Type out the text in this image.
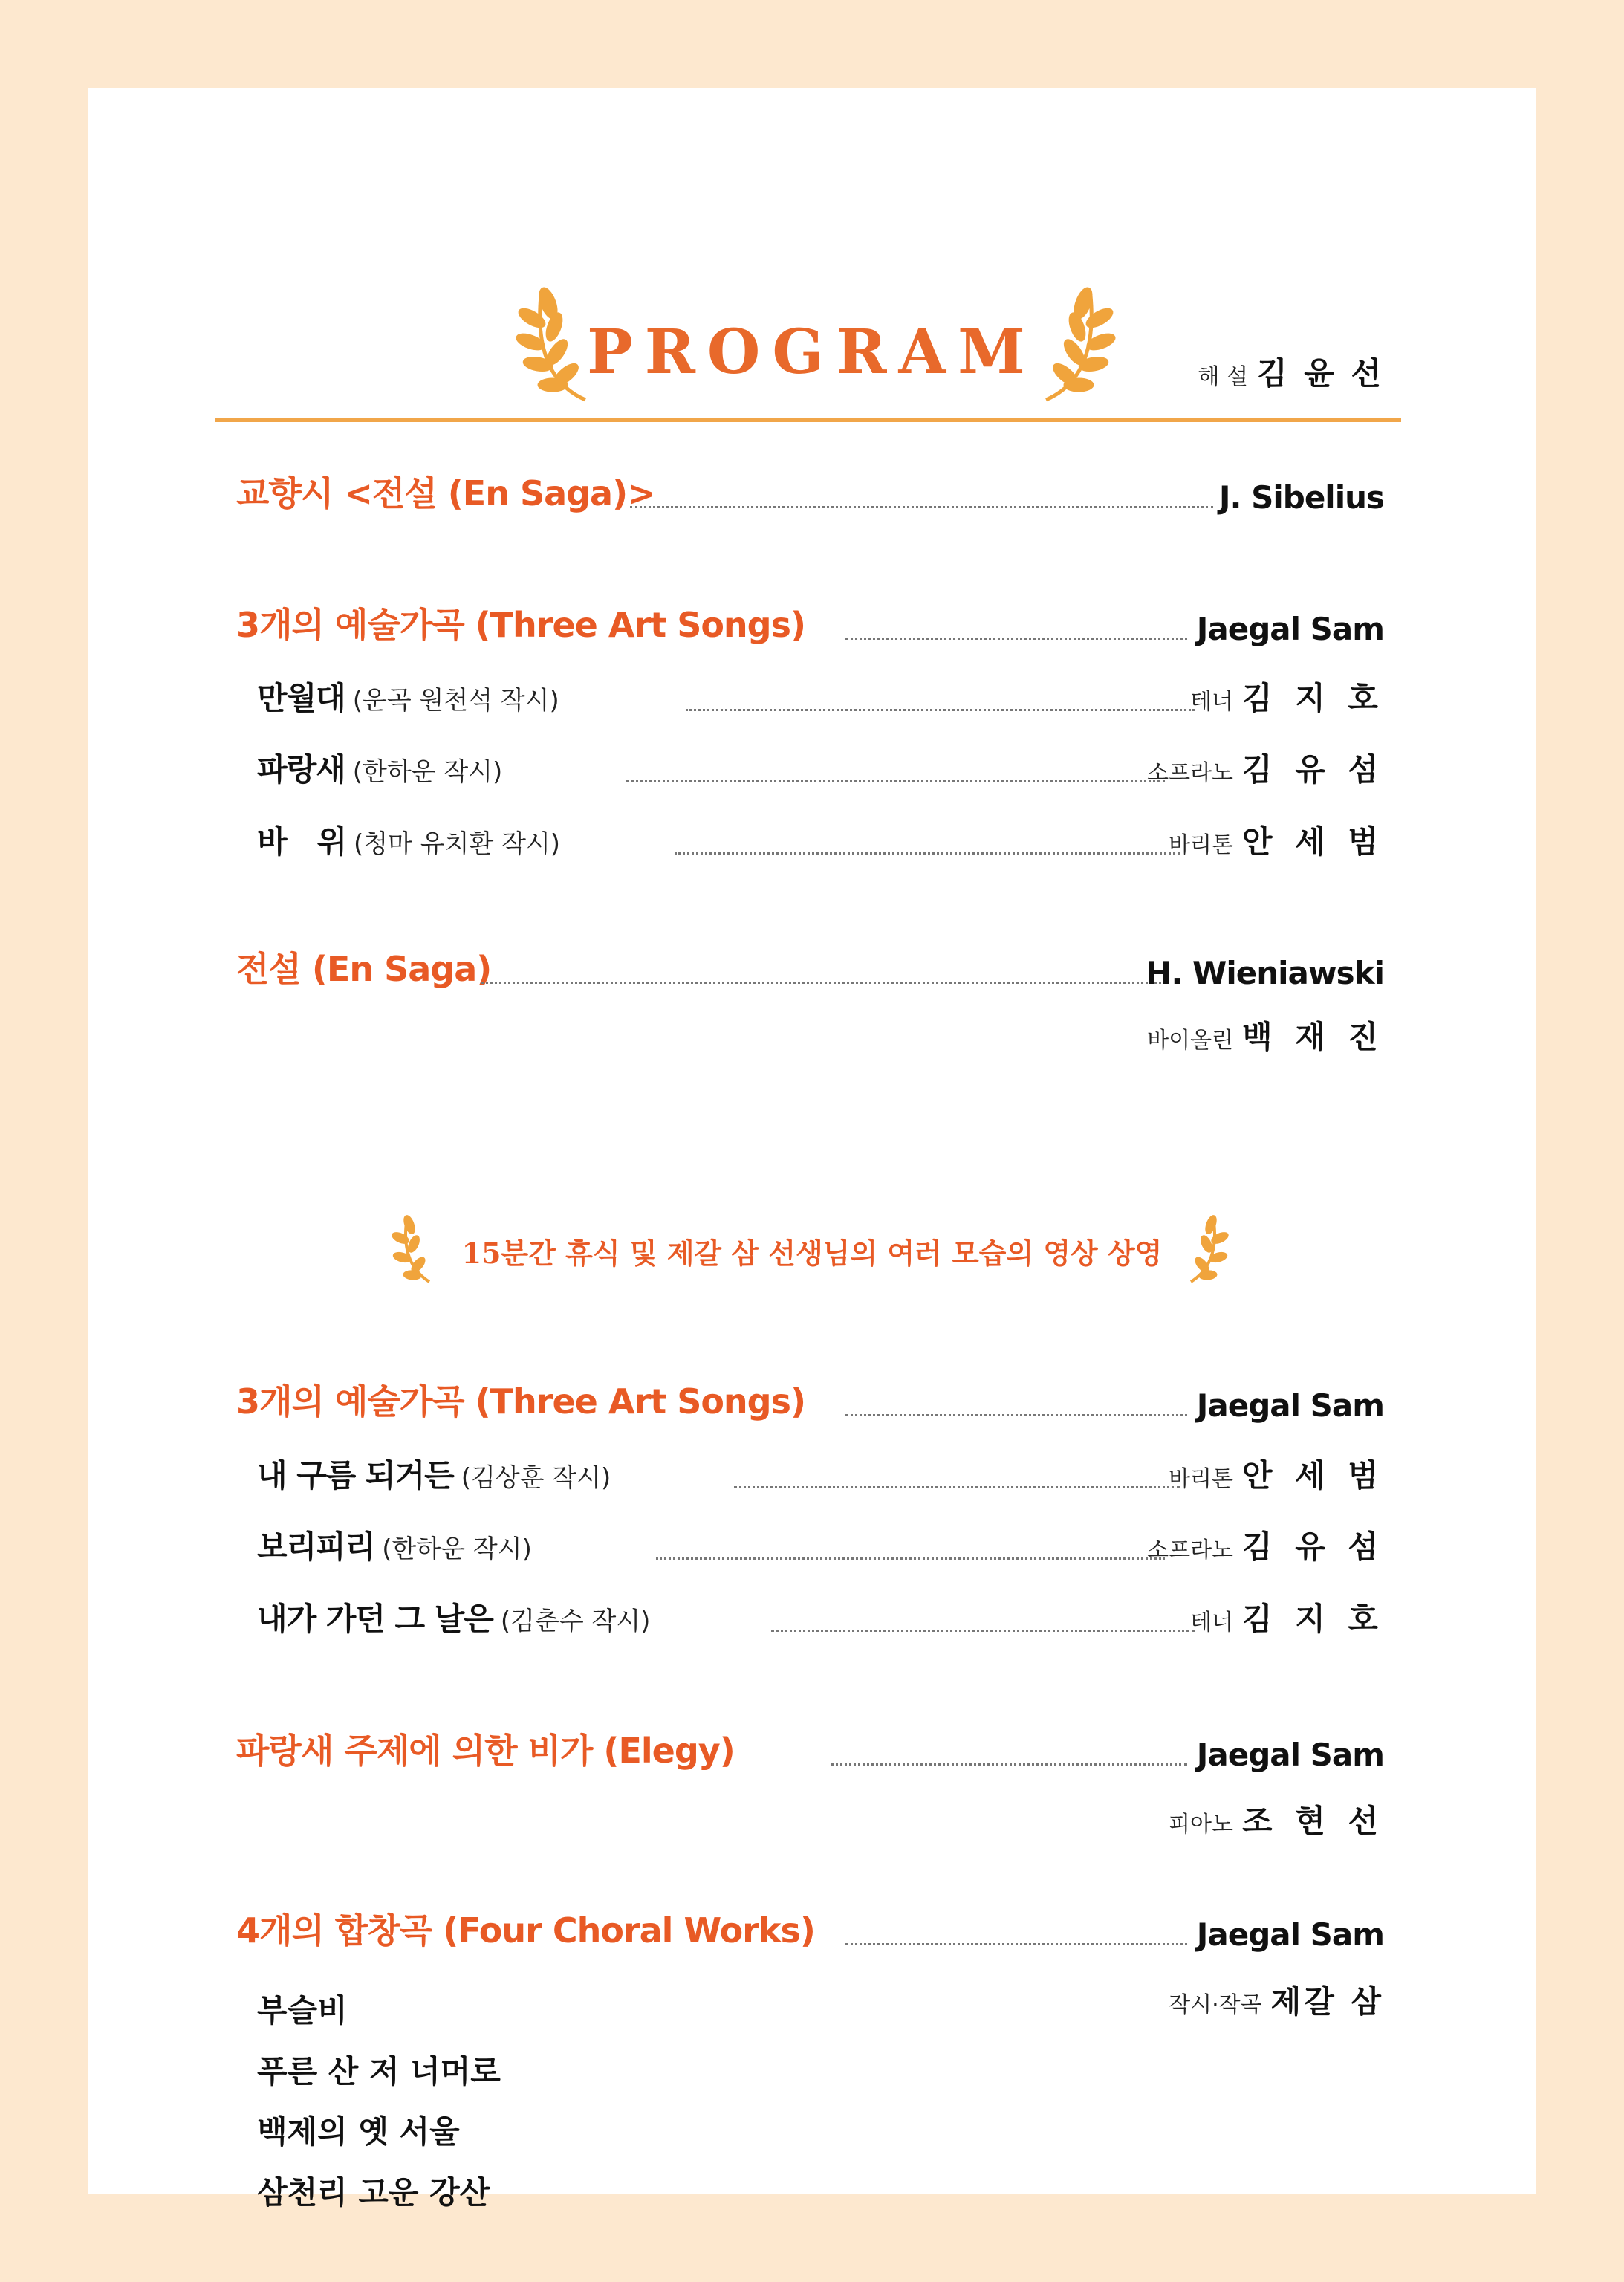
PROGRAM	해 설 김 윤 선
교향시 <전설 (En Saga)>	J. Sibelius
3개의 예술가곡 (Three Art Songs)	Jaegal Sam
만월대 (운곡 원천석 작시)	테너 김 지 호
파랑새 (한하운 작시)	소프라노 김 유 섬
바   위 (청마 유치환 작시)	바리톤 안 세 범
전설 (En Saga)	H. Wieniawski
바이올린 백 재 진
15분간 휴식 및 제갈 삼 선생님의 여러 모습의 영상 상영
3개의 예술가곡 (Three Art Songs)	Jaegal Sam
내 구름 되거든 (김상훈 작시)	바리톤 안 세 범
보리피리 (한하운 작시)	소프라노 김 유 섬
내가 가던 그 날은 (김춘수 작시)	테너 김 지 호
파랑새 주제에 의한 비가 (Elegy)	Jaegal Sam
피아노 조 현 선
4개의 합창곡 (Four Choral Works)	Jaegal Sam
작시·작곡 제갈 삼
부슬비
푸른 산 저 너머로
백제의 옛 서울
삼천리 고운 강산
